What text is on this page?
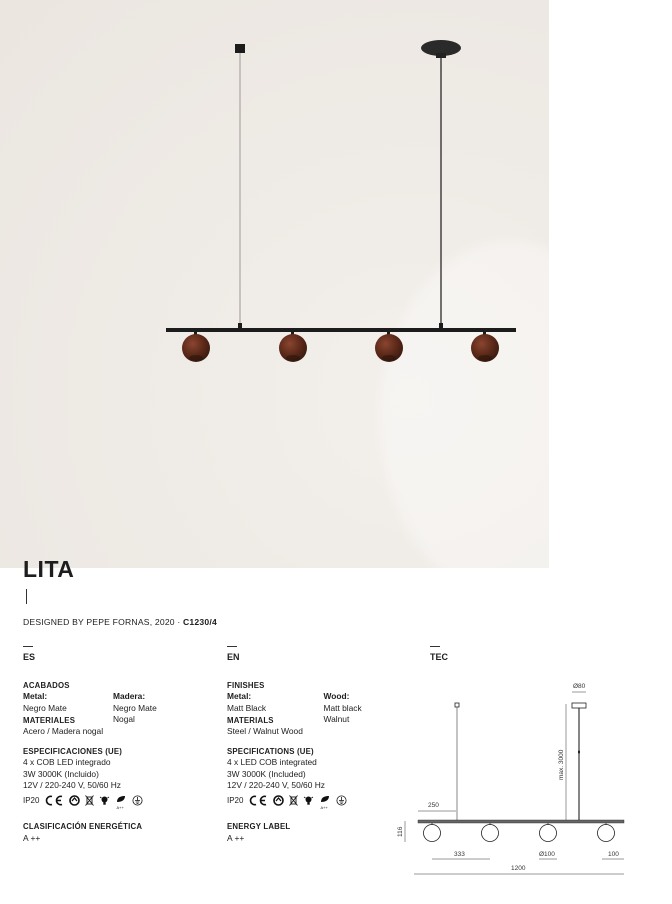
LITA
DESIGNED BY PEPE FORNAS, 2020 · C1230/4
ES
ACABADOS
Metal:
Negro Mate
Madera:
Negro Mate
Nogal
MATERIALES
Acero / Madera nogal
ESPECIFICACIONES (UE)
4 x COB LED integrado
3W 3000K (Incluido)
12V / 220-240 V, 50/60 Hz
IP20
A++
CLASIFICACIÓN ENERGÉTICA
A ++
EN
FINISHES
Metal:
Matt Black
Wood:
Matt black
Walnut
MATERIALS
Steel / Walnut Wood
SPECIFICATIONS (UE)
4 x LED COB integrated
3W 3000K (Included)
12V / 220-240 V, 50/60 Hz
IP20
A++
ENERGY LABEL
A ++
TEC
Ø80
max. 3000
250
116
333	Ø100	100
1200
